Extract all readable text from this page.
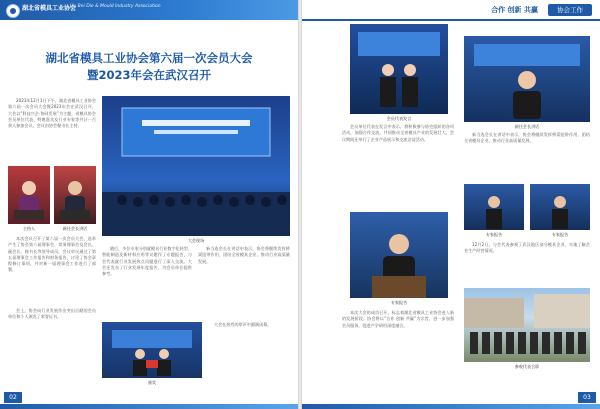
湖北省模具工业协会
Hu Bei Die & Mould Industry Association
湖北省模具工业协会第六届一次会员大会
暨2023年会在武汉召开
2023年12月1日下午，湖北省模具工业协会第六届一次会员大会暨2023年会在武汉召开，大会以“科技兴企·协同发展”为主题，省模具协会会员单位代表、特邀嘉宾及行业专家等共计一百余人参加会议。会议由协会秘书长主持。
主持人	新任会长讲话
本次会议召开了第六届一次会员大会，选举产生了协会第六届理事会、常务理事会及会长、副会长、秘书长等领导成员。会议审议通过了第五届理事会工作报告和财务报告，讨论了协会章程修订事项，并对新一届理事会工作进行了部署。
会上，协会向行业发展作出突出贡献的会员单位和个人颁发了荣誉证书。
大会现场
随后，多位专家分别就模具行业数字化转型、智能制造及新材料应用等议题作了专题报告，与会代表就行业发展热点问题进行了深入交流。大会还发布了行业发展年度报告，为会员单位提供参考。
新当选会长在讲话中表示，协会将继续发挥桥梁纽带作用，团结全省模具企业，推动行业高质量发展。
颁奖
大会在热烈的掌声中圆满闭幕。
02
合作 创新 共赢	协会工作
会员代表发言
会员单位代表在发言中表示，将积极参与协会组织的各项活动，加强合作交流，共同推动全省模具产业的发展壮大。会议期间还举行了企业产品展示和交流洽谈活动。
专家报告
本次大会的成功召开，标志着湖北省模具工业协会进入新的发展阶段。协会将以“合作 创新 共赢”为宗旨，进一步加强会员服务，促进产学研用深度融合。
新任会长讲话
新当选会长在讲话中表示，协会将继续发挥桥梁纽带作用，团结全省模具企业，推动行业高质量发展。
专家报告	专家报告
12月2日，与会代表参观了武汉地区部分模具企业，实地了解企业生产经营情况。
参观代表合影
03
